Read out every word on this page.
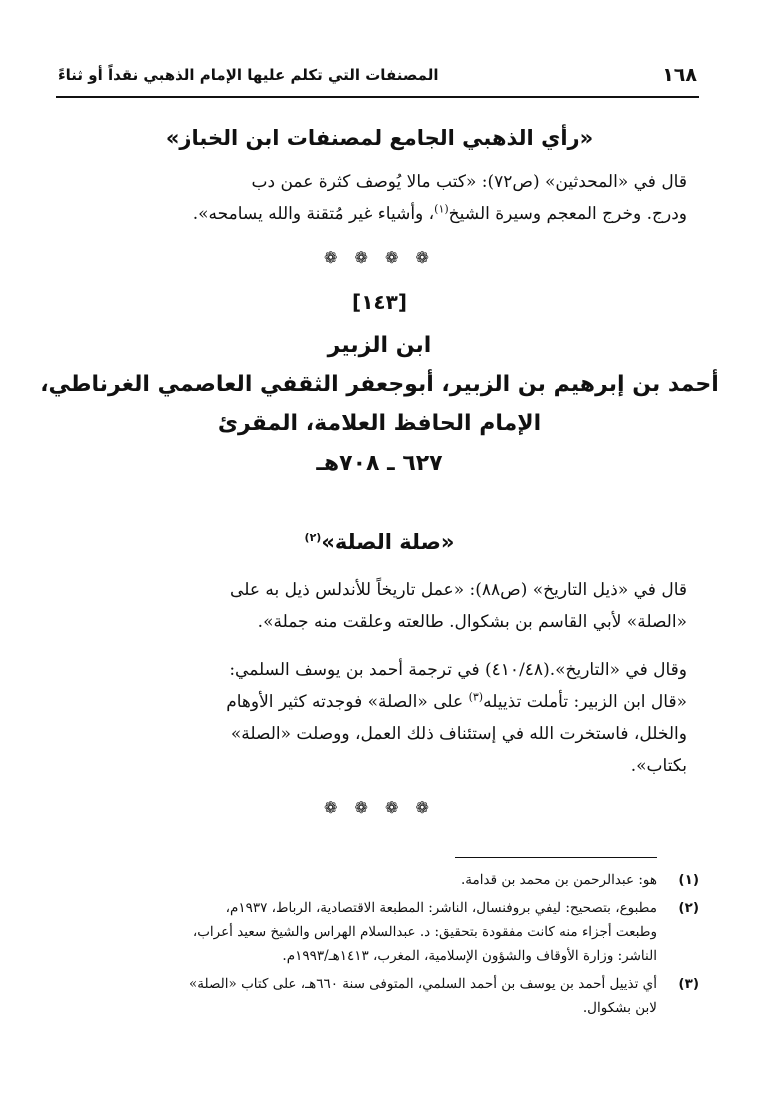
١٦٨
المصنفات التي تكلم عليها الإمام الذهبي نقداً أو ثناءً
«رأي الذهبي الجامع لمصنفات ابن الخباز»
قال في «المحدثين» (ص٧٢): «كتب مالا يُوصف كثرة عمن دب
ودرج. وخرج المعجم وسيرة الشيخ$^{(١)}$، وأشياء غير مُتقنة والله يسامحه».
❁ ❁ ❁ ❁
[١٤٣]
ابن الزبير
أحمد بن إبرهيم بن الزبير، أبوجعفر الثقفي العاصمي الغرناطي،
الإمام الحافظ العلامة، المقرئ
٦٢٧ ـ ٧٠٨هـ
«صلة الصلة»$^{(٢)}$
قال في «ذيل التاريخ» (ص٨٨): «عمل تاريخاً للأندلس ذيل به على
«الصلة» لأبي القاسم بن بشكوال. طالعته وعلقت منه جملة».
وقال في «التاريخ».(٤١٠/٤٨) في ترجمة أحمد بن يوسف السلمي:
«قال ابن الزبير: تأملت تذييله$^{(٣)}$ على «الصلة» فوجدته كثير الأوهام
والخلل، فاستخرت الله في إستئناف ذلك العمل، ووصلت «الصلة»
بكتاب».
❁ ❁ ❁ ❁
(١)
هو: عبدالرحمن بن محمد بن قدامة.
(٢)
مطبوع، بتصحيح: ليفي بروفنسال، الناشر: المطبعة الاقتصادية، الرباط، ١٩٣٧م،
وطبعت أجزاء منه كانت مفقودة بتحقيق: د. عبدالسلام الهراس والشيخ سعيد أعراب،
الناشر: وزارة الأوقاف والشؤون الإسلامية، المغرب، ١٤١٣هـ/١٩٩٣م.
(٣)
أي تذييل أحمد بن يوسف بن أحمد السلمي، المتوفى سنة ٦٦٠هـ، على كتاب «الصلة»
لابن بشكوال.
